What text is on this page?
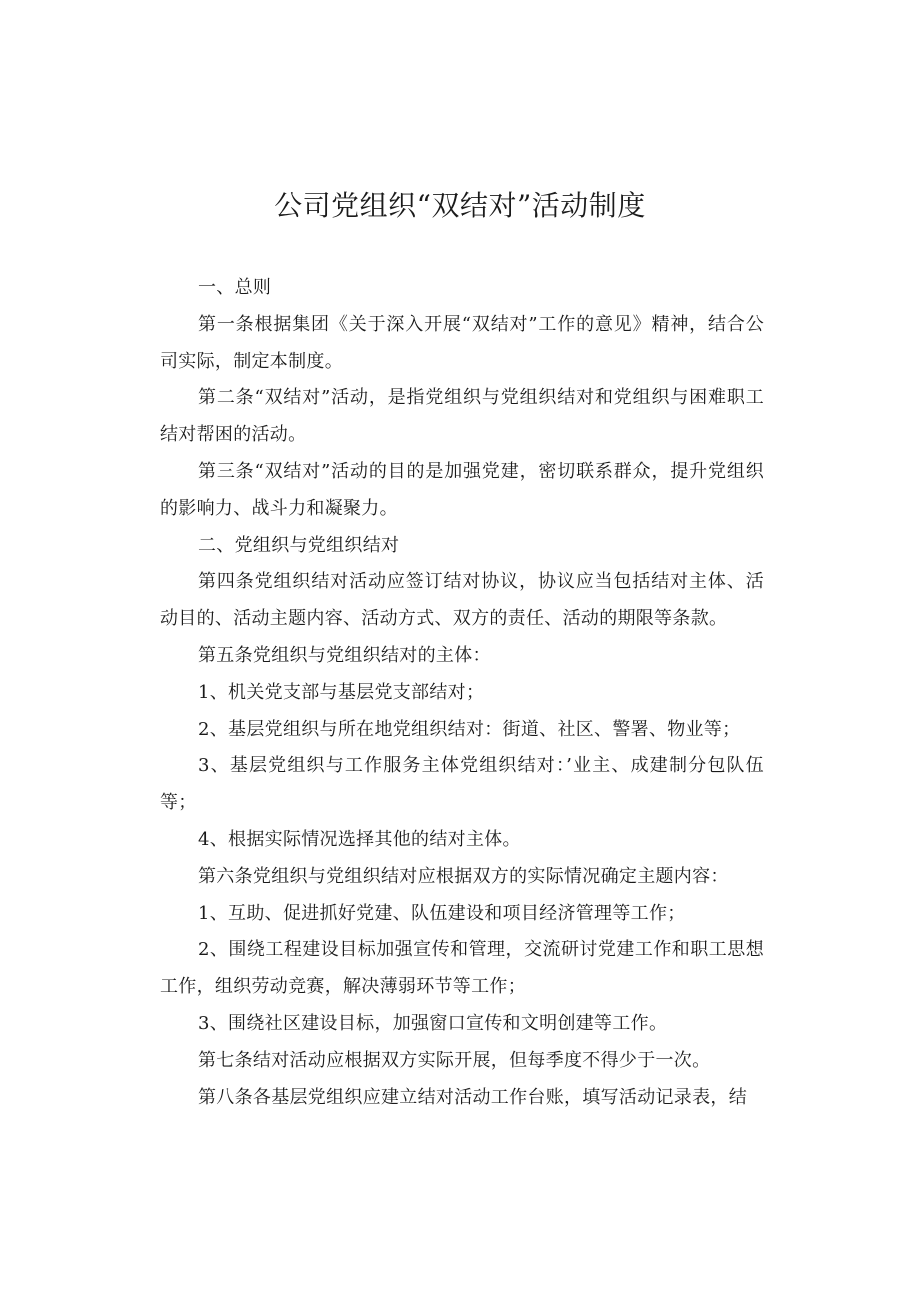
公司党组织“双结对”活动制度

一、总则

第一条根据集团《关于深入开展“双结对”工作的意见》精神，结合公司实际，制定本制度。

第二条“双结对”活动，是指党组织与党组织结对和党组织与困难职工结对帮困的活动。

第三条“双结对”活动的目的是加强党建，密切联系群众，提升党组织的影响力、战斗力和凝聚力。

二、党组织与党组织结对

第四条党组织结对活动应签订结对协议，协议应当包括结对主体、活动目的、活动主题内容、活动方式、双方的责任、活动的期限等条款。

第五条党组织与党组织结对的主体：

1、机关党支部与基层党支部结对；

2、基层党组织与所在地党组织结对：街道、社区、警署、物业等；

3、基层党组织与工作服务主体党组织结对：’业主、成建制分包队伍等；

4、根据实际情况选择其他的结对主体。

第六条党组织与党组织结对应根据双方的实际情况确定主题内容：

1、互助、促进抓好党建、队伍建设和项目经济管理等工作；

2、围绕工程建设目标加强宣传和管理，交流研讨党建工作和职工思想工作，组织劳动竞赛，解决薄弱环节等工作；

3、围绕社区建设目标，加强窗口宣传和文明创建等工作。

第七条结对活动应根据双方实际开展，但每季度不得少于一次。

第八条各基层党组织应建立结对活动工作台账，填写活动记录表，结
